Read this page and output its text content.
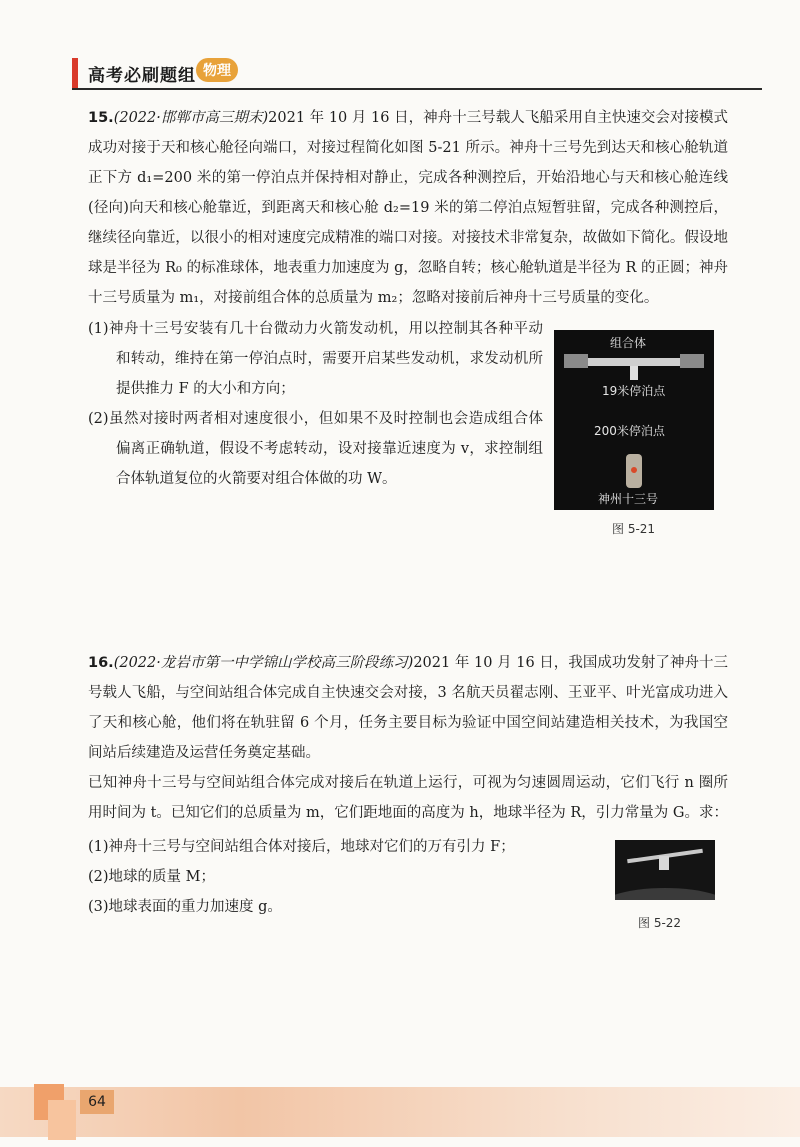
高考必刷题组 物理
15.(2022·邯郸市高三期末)2021 年 10 月 16 日，神舟十三号载人飞船采用自主快速交会对接模式成功对接于天和核心舱径向端口，对接过程简化如图 5-21 所示。神舟十三号先到达天和核心舱轨道正下方 d₁=200 米的第一停泊点并保持相对静止，完成各种测控后，开始沿地心与天和核心舱连线(径向)向天和核心舱靠近，到距离天和核心舱 d₂=19 米的第二停泊点短暂驻留，完成各种测控后，继续径向靠近，以很小的相对速度完成精准的端口对接。对接技术非常复杂，故做如下简化。假设地球是半径为 R₀ 的标准球体，地表重力加速度为 g，忽略自转；核心舱轨道是半径为 R 的正圆；神舟十三号质量为 m₁，对接前组合体的总质量为 m₂；忽略对接前后神舟十三号质量的变化。
(1)神舟十三号安装有几十台微动力火箭发动机，用以控制其各种平动和转动，维持在第一停泊点时，需要开启某些发动机，求发动机所提供推力 F 的大小和方向；
(2)虽然对接时两者相对速度很小，但如果不及时控制也会造成组合体偏离正确轨道，假设不考虑转动，设对接靠近速度为 v，求控制组合体轨道复位的火箭要对组合体做的功 W。
组合体
19米停泊点
200米停泊点
神州十三号
图 5-21
16.(2022·龙岩市第一中学锦山学校高三阶段练习)2021 年 10 月 16 日，我国成功发射了神舟十三号载人飞船，与空间站组合体完成自主快速交会对接，3 名航天员翟志刚、王亚平、叶光富成功进入了天和核心舱，他们将在轨驻留 6 个月，任务主要目标为验证中国空间站建造相关技术，为我国空间站后续建造及运营任务奠定基础。
已知神舟十三号与空间站组合体完成对接后在轨道上运行，可视为匀速圆周运动，它们飞行 n 圈所用时间为 t。已知它们的总质量为 m，它们距地面的高度为 h，地球半径为 R，引力常量为 G。求：
(1)神舟十三号与空间站组合体对接后，地球对它们的万有引力 F；
(2)地球的质量 M；
(3)地球表面的重力加速度 g。
图 5-22
64
